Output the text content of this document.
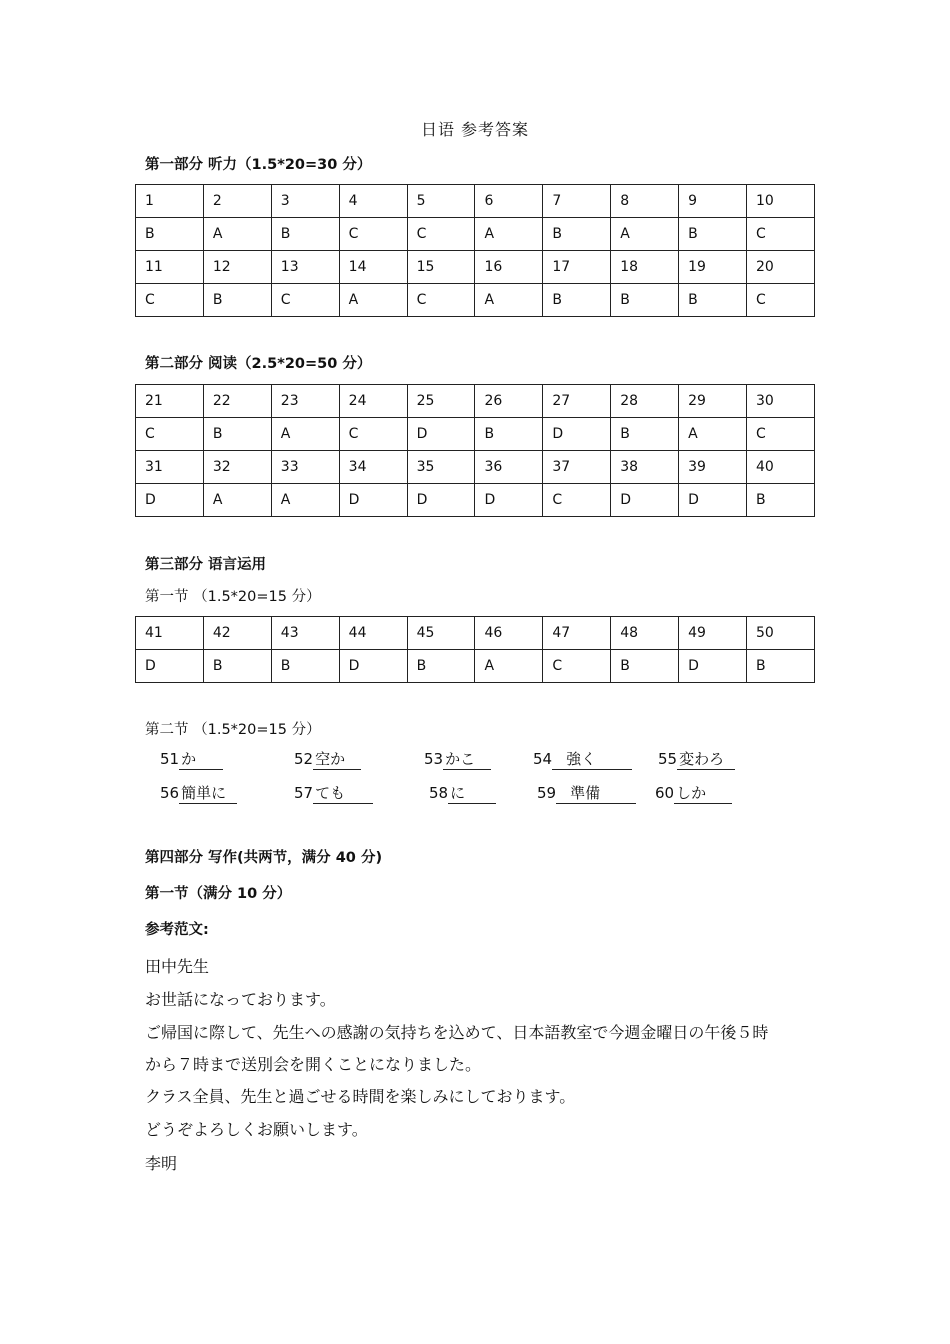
日语 参考答案
第一部分 听力（1.5*20=30 分）
1	2	3	4	5	6	7	8	9	10
B	A	B	C	C	A	B	A	B	C
11	12	13	14	15	16	17	18	19	20
C	B	C	A	C	A	B	B	B	C
第二部分 阅读（2.5*20=50 分）
21	22	23	24	25	26	27	28	29	30
C	B	A	C	D	B	D	B	A	C
31	32	33	34	35	36	37	38	39	40
D	A	A	D	D	D	C	D	D	B
第三部分 语言运用
第一节 （1.5*20=15 分）
41	42	43	44	45	46	47	48	49	50
D	B	B	D	B	A	C	B	D	B
第二节 （1.5*20=15 分）
51 か	52 空か	53 かこ	54 強く	55 変わろ
56 簡単に	57 ても	58 に	59 準備	60 しか
第四部分 写作(共两节，满分 40 分)
第一节（满分 10 分）
参考范文:
田中先生
お世話になっております。
ご帰国に際して、先生への感謝の気持ちを込めて、日本語教室で今週金曜日の午後５時
から７時まで送別会を開くことになりました。
クラス全員、先生と過ごせる時間を楽しみにしております。
どうぞよろしくお願いします。
李明
